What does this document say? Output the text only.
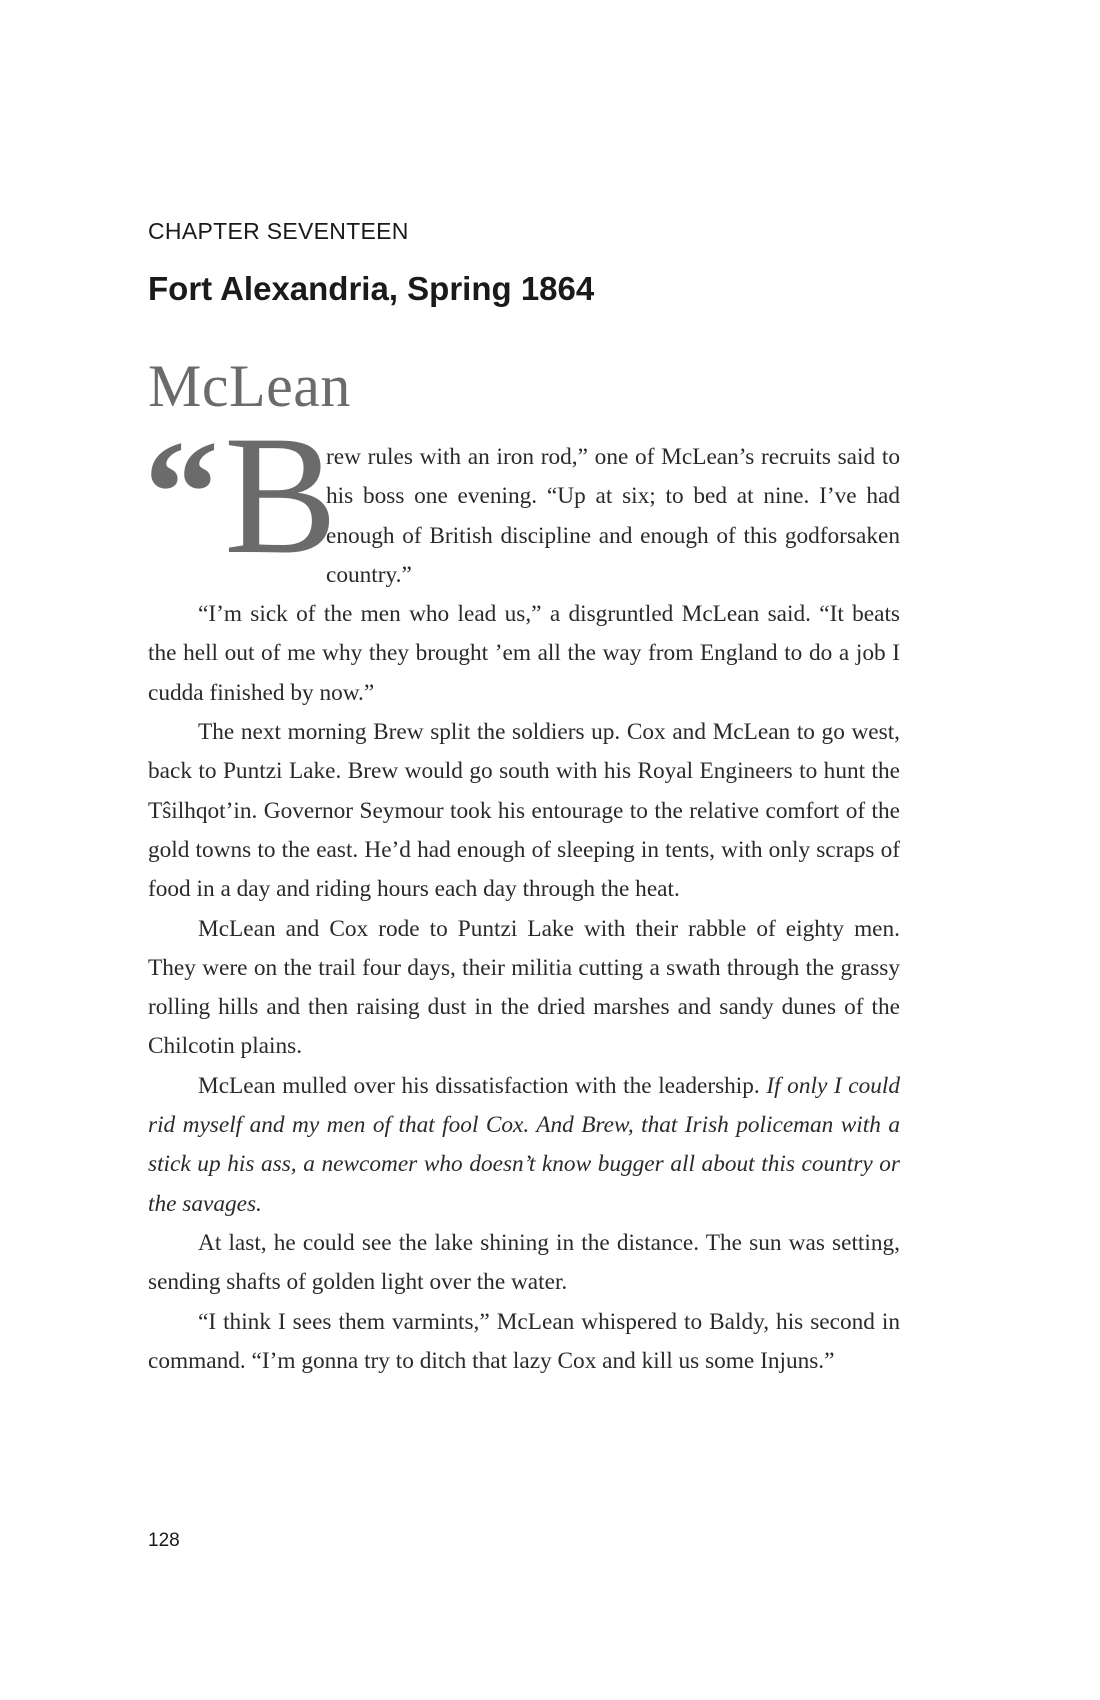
CHAPTER SEVENTEEN
Fort Alexandria, Spring 1864
McLean

“ B
rew rules with an iron rod,” one of McLean’s recruits said to his boss one evening. “Up at six; to bed at nine. I’ve had enough of British discipline and enough of this godforsaken country.”

“I’m sick of the men who lead us,” a disgruntled McLean said. “It beats the hell out of me why they brought ’em all the way from England to do a job I cudda finished by now.”

The next morning Brew split the soldiers up. Cox and McLean to go west, back to Puntzi Lake. Brew would go south with his Royal Engineers to hunt the Tŝilhqot’in. Governor Seymour took his entourage to the relative comfort of the gold towns to the east. He’d had enough of sleeping in tents, with only scraps of food in a day and riding hours each day through the heat.

McLean and Cox rode to Puntzi Lake with their rabble of eighty men. They were on the trail four days, their militia cutting a swath through the grassy rolling hills and then raising dust in the dried marshes and sandy dunes of the Chilcotin plains.

McLean mulled over his dissatisfaction with the leadership. If only I could rid myself and my men of that fool Cox. And Brew, that Irish policeman with a stick up his ass, a newcomer who doesn’t know bugger all about this country or the savages.

At last, he could see the lake shining in the distance. The sun was setting, sending shafts of golden light over the water.

“I think I sees them varmints,” McLean whispered to Baldy, his second in command. “I’m gonna try to ditch that lazy Cox and kill us some Injuns.”

128
